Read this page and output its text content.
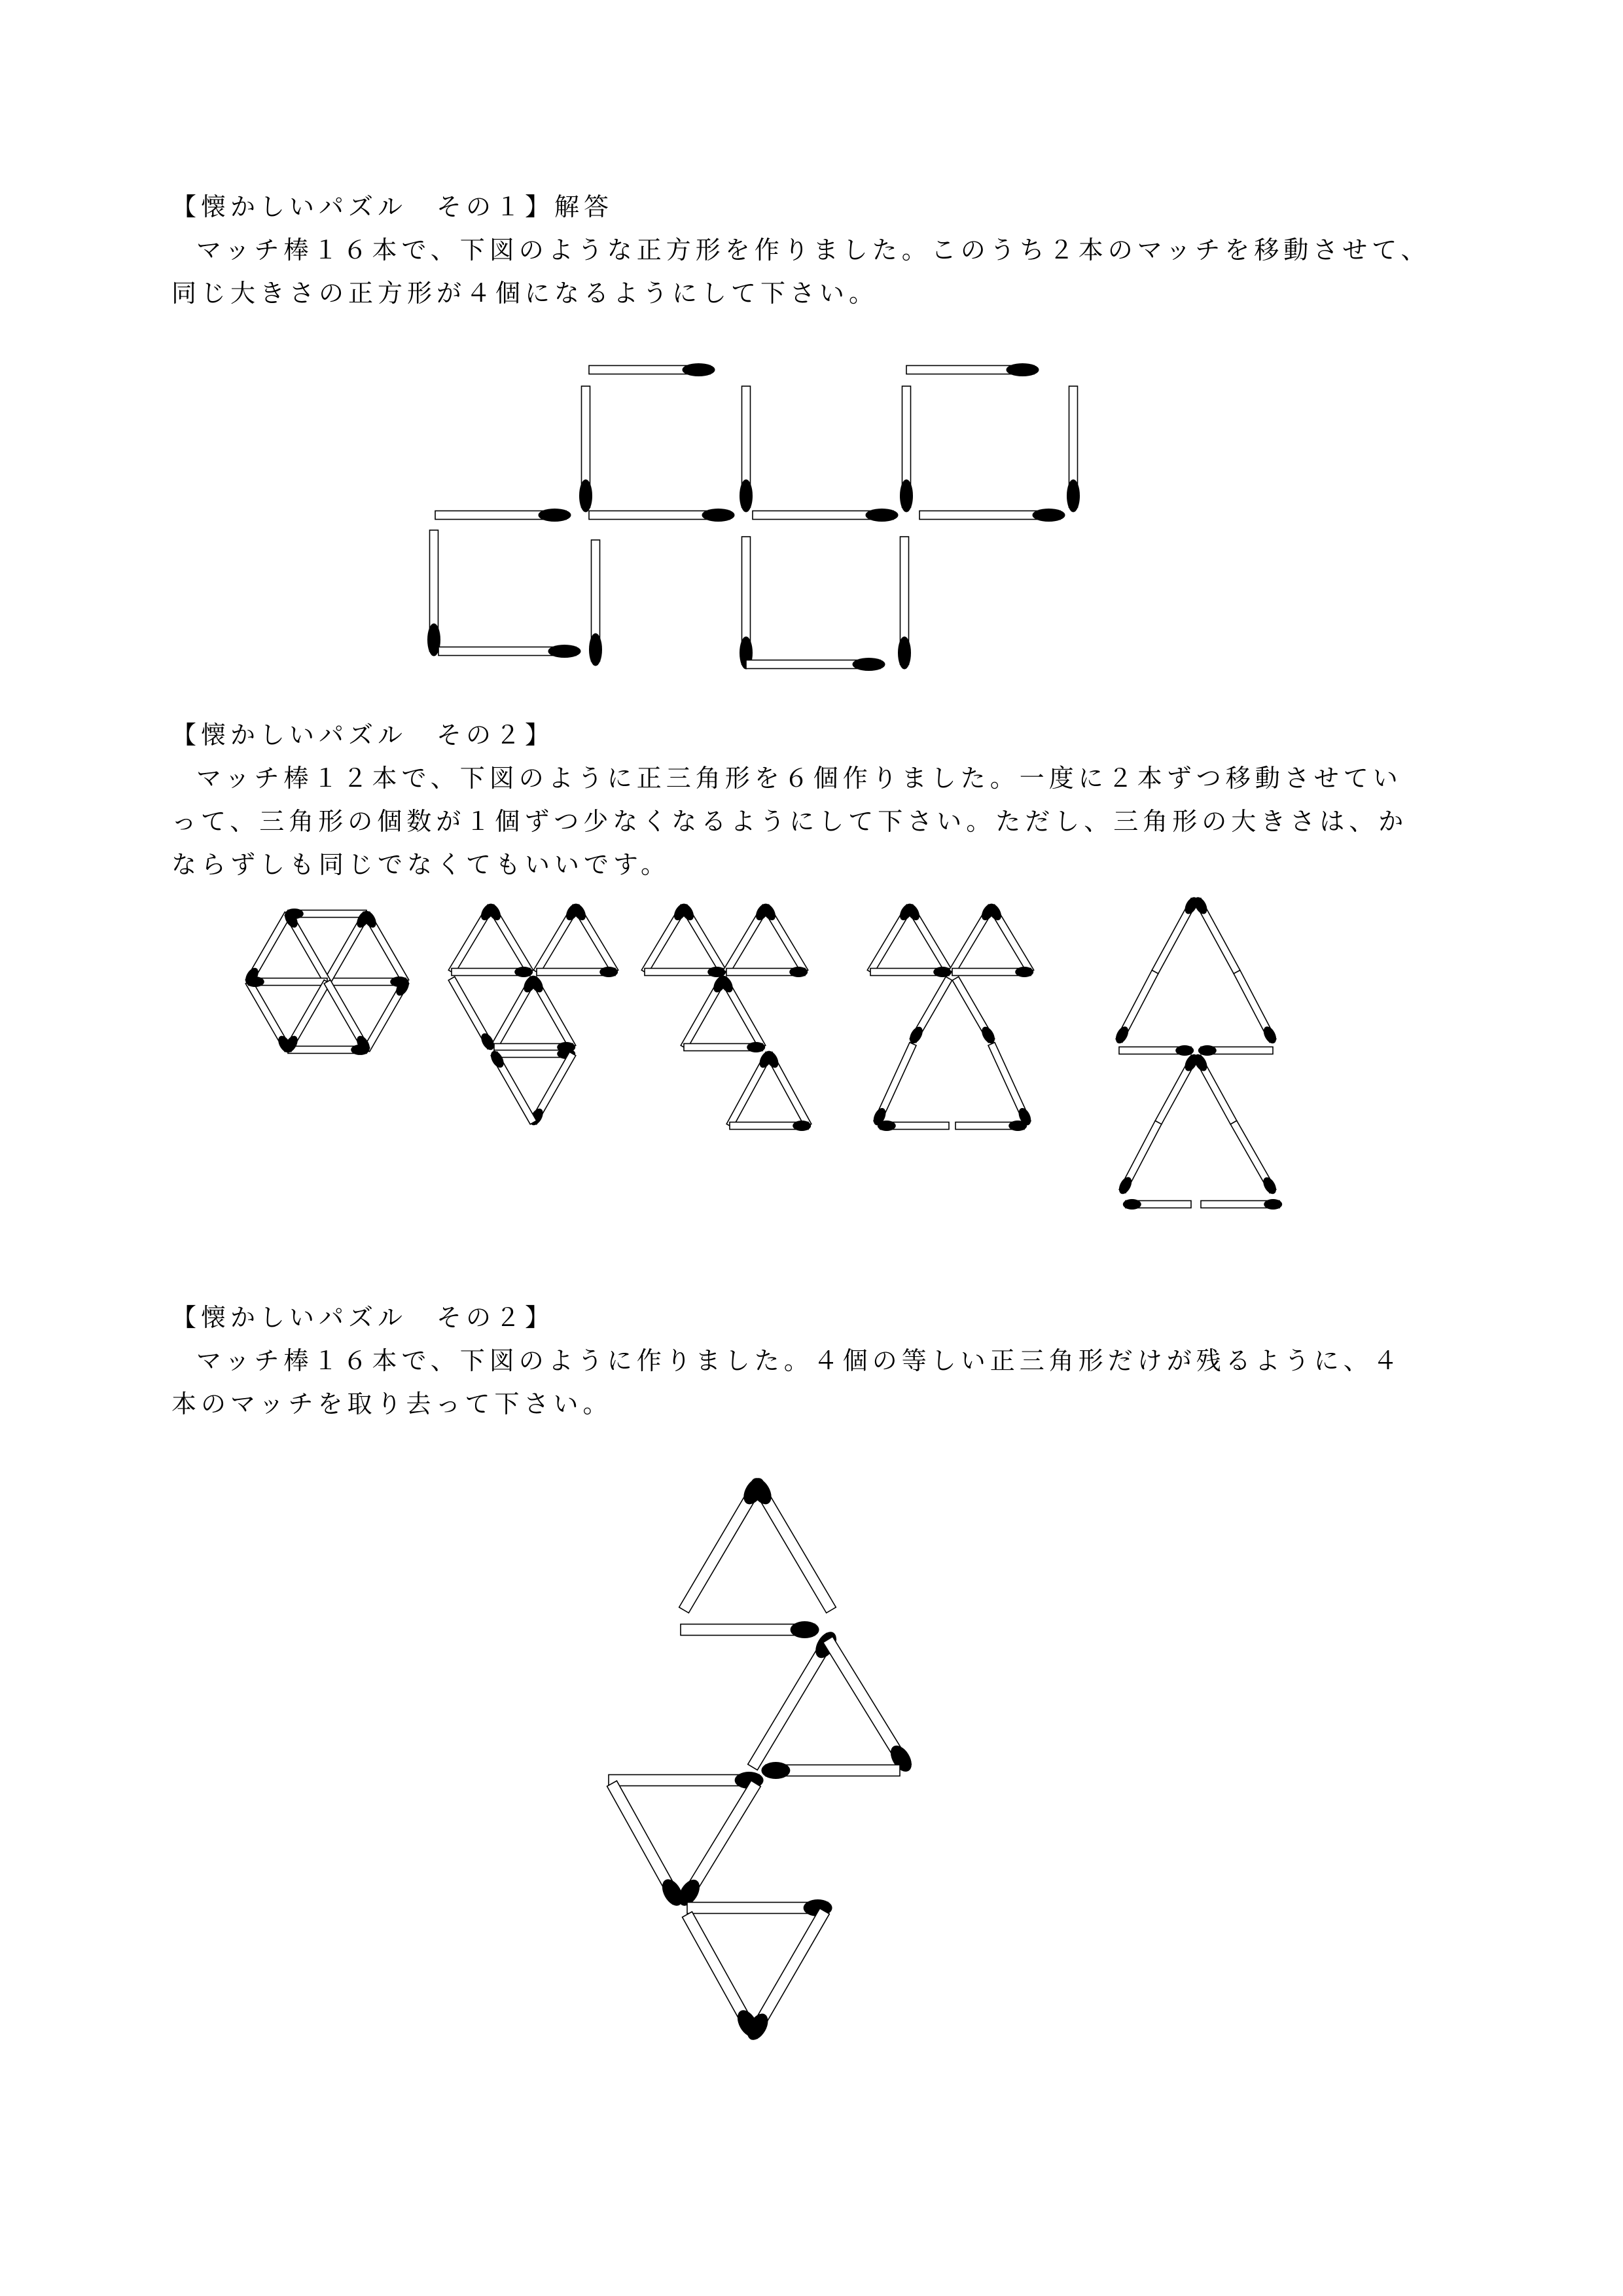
【懐かしいパズル　その１】解答

マッチ棒１６本で、下図のような正方形を作りました。このうち２本のマッチを移動させて、

同じ大きさの正方形が４個になるようにして下さい。

【懐かしいパズル　その２】

マッチ棒１２本で、下図のように正三角形を６個作りました。一度に２本ずつ移動させてい

って、三角形の個数が１個ずつ少なくなるようにして下さい。ただし、三角形の大きさは、か

ならずしも同じでなくてもいいです。

【懐かしいパズル　その２】

マッチ棒１６本で、下図のように作りました。４個の等しい正三角形だけが残るように、４

本のマッチを取り去って下さい。
